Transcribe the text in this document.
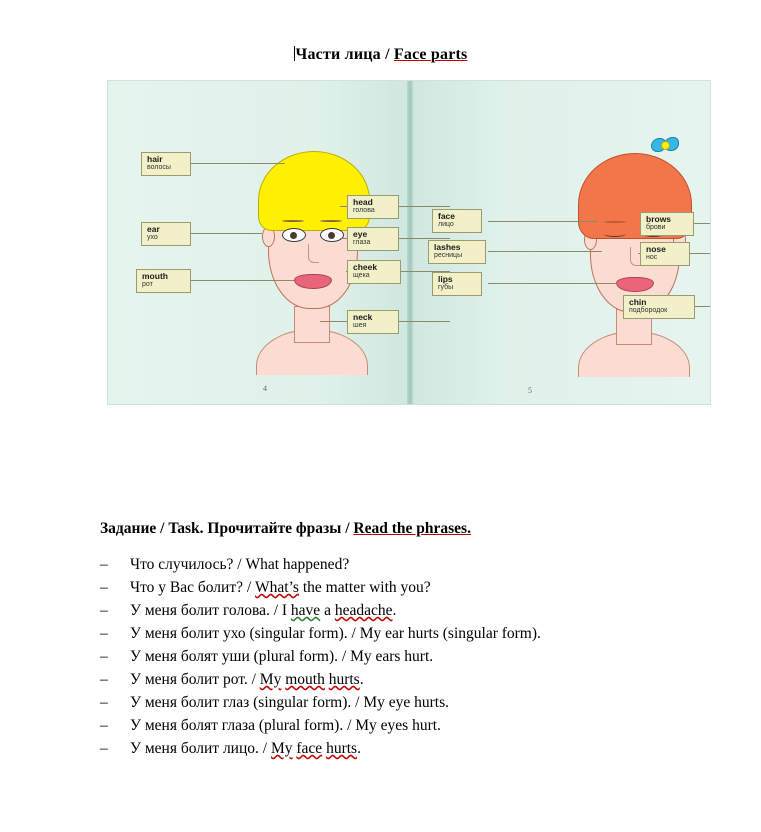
Части лица / Face parts
hair
волосы
ear
ухо
mouth
рот
head
голова
eye
глаза
cheek
щека
neck
шея
face
лицо
lashes
ресницы
lips
губы
brows
брови
nose
нос
chin
подбородок
4	5
Задание / Task. Прочитайте фразы / Read the phrases.
–	Что случилось? / What happened?
–	Что у Вас болит? / What’s the matter with you?
–	У меня болит голова. / I have a headache.
–	У меня болит ухо (singular form). / My ear hurts (singular form).
–	У меня болят уши (plural form). / My ears hurt.
–	У меня болит рот. / My mouth hurts.
–	У меня болит глаз (singular form). / My eye hurts.
–	У меня болят глаза (plural form). / My eyes hurt.
–	У меня болит лицо. / My face hurts.
